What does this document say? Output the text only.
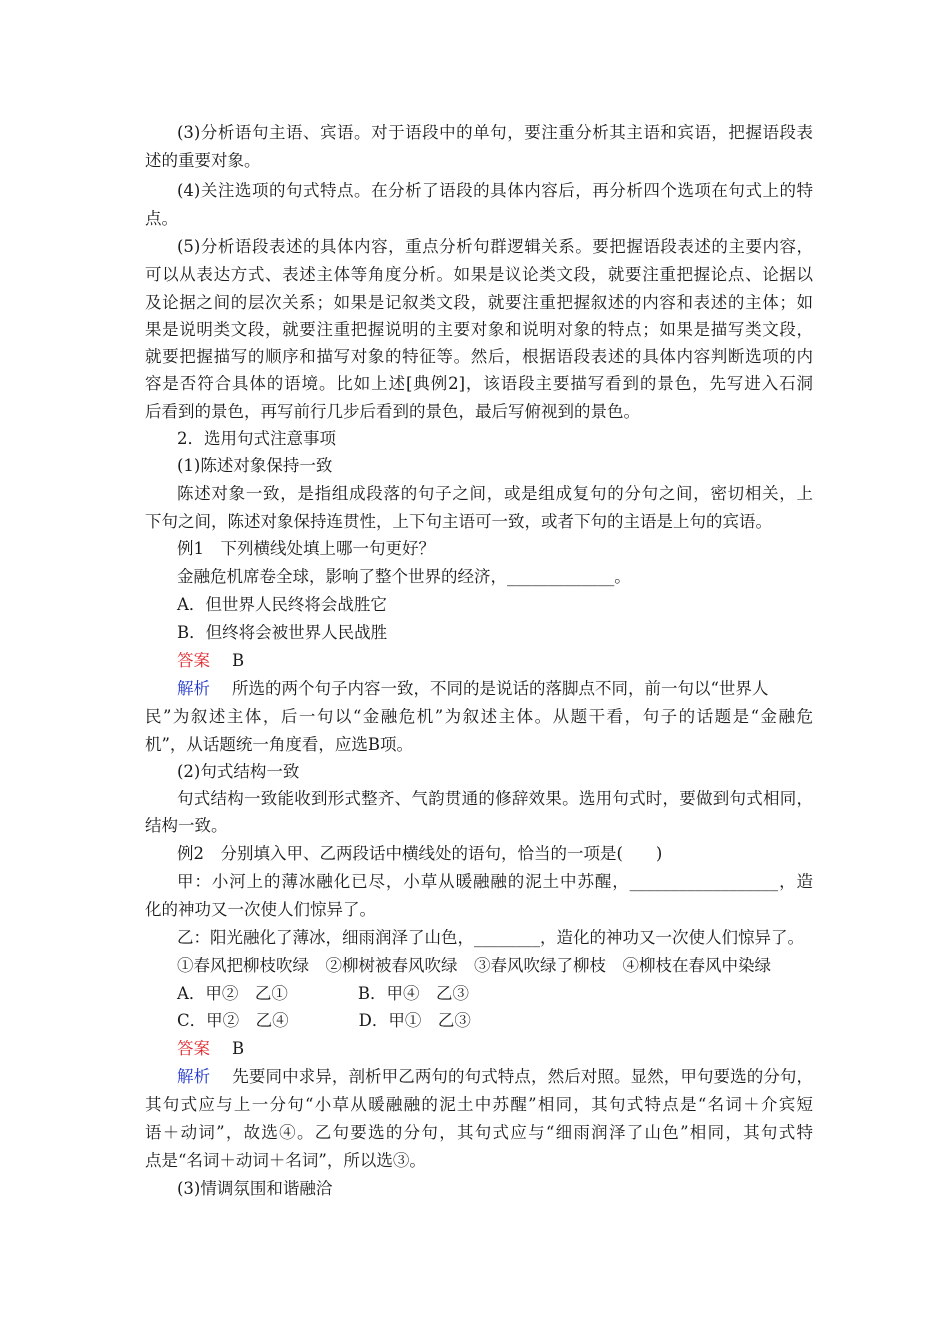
(3)分析语句主语、宾语。对于语段中的单句，要注重分析其主语和宾语，把握语段表
述的重要对象。
(4)关注选项的句式特点。在分析了语段的具体内容后，再分析四个选项在句式上的特
点。
(5)分析语段表述的具体内容，重点分析句群逻辑关系。要把握语段表述的主要内容，
可以从表达方式、表述主体等角度分析。如果是议论类文段，就要注重把握论点、论据以
及论据之间的层次关系；如果是记叙类文段，就要注重把握叙述的内容和表述的主体；如
果是说明类文段，就要注重把握说明的主要对象和说明对象的特点；如果是描写类文段，
就要把握描写的顺序和描写对象的特征等。然后，根据语段表述的具体内容判断选项的内
容是否符合具体的语境。比如上述[典例2]，该语段主要描写看到的景色，先写进入石洞
后看到的景色，再写前行几步后看到的景色，最后写俯视到的景色。
2．选用句式注意事项
(1)陈述对象保持一致
陈述对象一致，是指组成段落的句子之间，或是组成复句的分句之间，密切相关，上
下句之间，陈述对象保持连贯性，上下句主语可一致，或者下句的主语是上句的宾语。
例1　下列横线处填上哪一句更好？
金融危机席卷全球，影响了整个世界的经济，_____________。
A．但世界人民终将会战胜它
B．但终将会被世界人民战胜
答案 B
解析 所选的两个句子内容一致，不同的是说话的落脚点不同，前一句以“世界人
民”为叙述主体，后一句以“金融危机”为叙述主体。从题干看，句子的话题是“金融危
机”，从话题统一角度看，应选B项。
(2)句式结构一致
句式结构一致能收到形式整齐、气韵贯通的修辞效果。选用句式时，要做到句式相同，
结构一致。
例2　分别填入甲、乙两段话中横线处的语句，恰当的一项是(　　)
甲：小河上的薄冰融化已尽，小草从暖融融的泥土中苏醒，__________________，造
化的神功又一次使人们惊异了。
乙：阳光融化了薄冰，细雨润泽了山色，________，造化的神功又一次使人们惊异了。
①春风把柳枝吹绿　②柳树被春风吹绿　③春风吹绿了柳枝　④柳枝在春风中染绿
A．甲②　乙①	B．甲④　乙③
C．甲②　乙④	D．甲①　乙③
答案 B
解析 先要同中求异，剖析甲乙两句的句式特点，然后对照。显然，甲句要选的分句，
其句式应与上一分句“小草从暖融融的泥土中苏醒”相同，其句式特点是“名词＋介宾短
语＋动词”，故选④。乙句要选的分句，其句式应与“细雨润泽了山色”相同，其句式特
点是“名词＋动词＋名词”，所以选③。
(3)情调氛围和谐融洽
